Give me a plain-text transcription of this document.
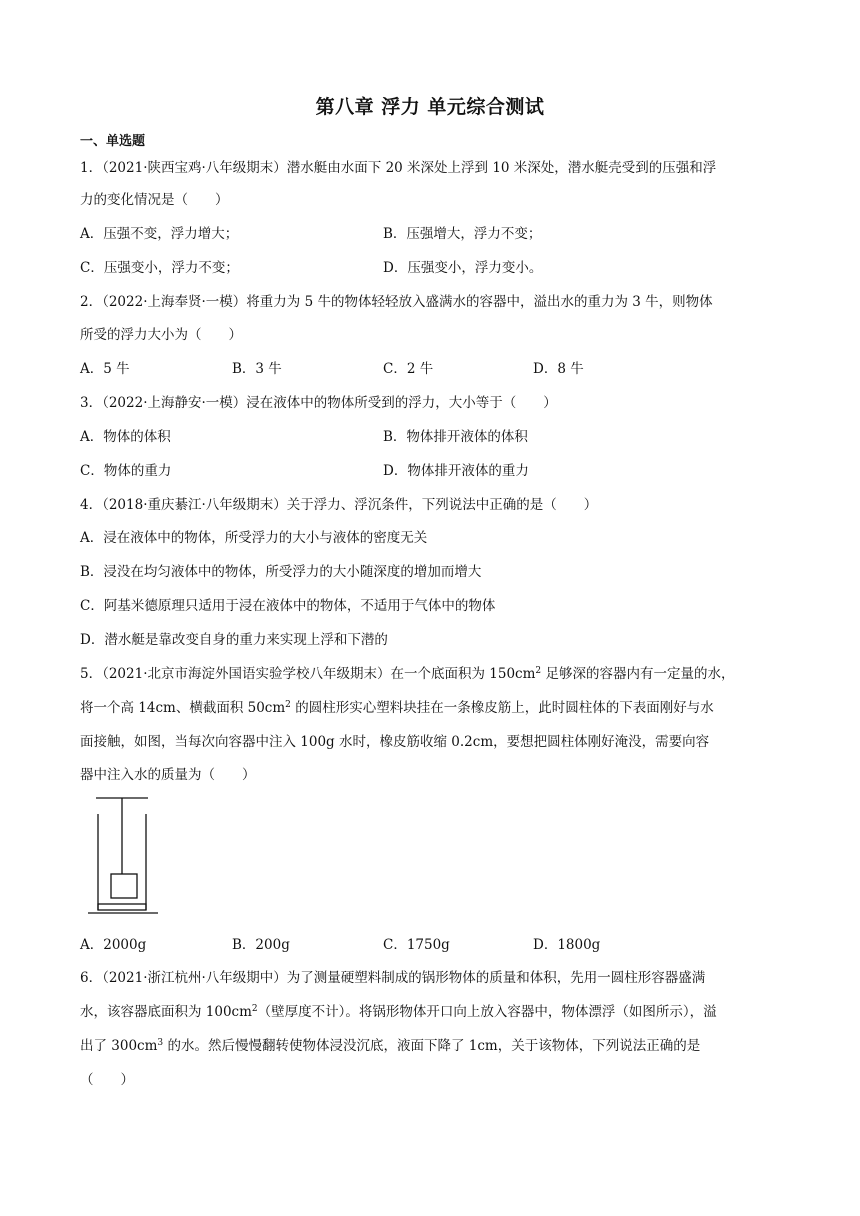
第八章 浮力 单元综合测试
一、单选题
1．（2021·陕西宝鸡·八年级期末）潜水艇由水面下 20 米深处上浮到 10 米深处，潜水艇壳受到的压强和浮
力的变化情况是（　　）
A．压强不变，浮力增大；	B．压强增大，浮力不变；
C．压强变小，浮力不变；	D．压强变小，浮力变小。
2．（2022·上海奉贤·一模）将重力为 5 牛的物体轻轻放入盛满水的容器中，溢出水的重力为 3 牛，则物体
所受的浮力大小为（　　）
A．5 牛	B．3 牛	C．2 牛	D．8 牛
3．（2022·上海静安·一模）浸在液体中的物体所受到的浮力，大小等于（　　）
A．物体的体积	B．物体排开液体的体积
C．物体的重力	D．物体排开液体的重力
4．（2018·重庆綦江·八年级期末）关于浮力、浮沉条件，下列说法中正确的是（　　）
A．浸在液体中的物体，所受浮力的大小与液体的密度无关
B．浸没在均匀液体中的物体，所受浮力的大小随深度的增加而增大
C．阿基米德原理只适用于浸在液体中的物体，不适用于气体中的物体
D．潜水艇是靠改变自身的重力来实现上浮和下潜的
5．（2021·北京市海淀外国语实验学校八年级期末）在一个底面积为 $150cm^2$ 足够深的容器内有一定量的水，
将一个高 14cm、横截面积 $50cm^2$ 的圆柱形实心塑料块挂在一条橡皮筋上，此时圆柱体的下表面刚好与水
面接触，如图，当每次向容器中注入 100g 水时，橡皮筋收缩 0.2cm，要想把圆柱体刚好淹没，需要向容
器中注入水的质量为（　　）
A．2000g	B．200g	C．1750g	D．1800g
6．（2021·浙江杭州·八年级期中）为了测量硬塑料制成的锅形物体的质量和体积，先用一圆柱形容器盛满
水，该容器底面积为 $100cm^2$（壁厚度不计）。将锅形物体开口向上放入容器中，物体漂浮（如图所示），溢
出了 $300cm^3$ 的水。然后慢慢翻转使物体浸没沉底，液面下降了 1cm，关于该物体，下列说法正确的是
（　　）
